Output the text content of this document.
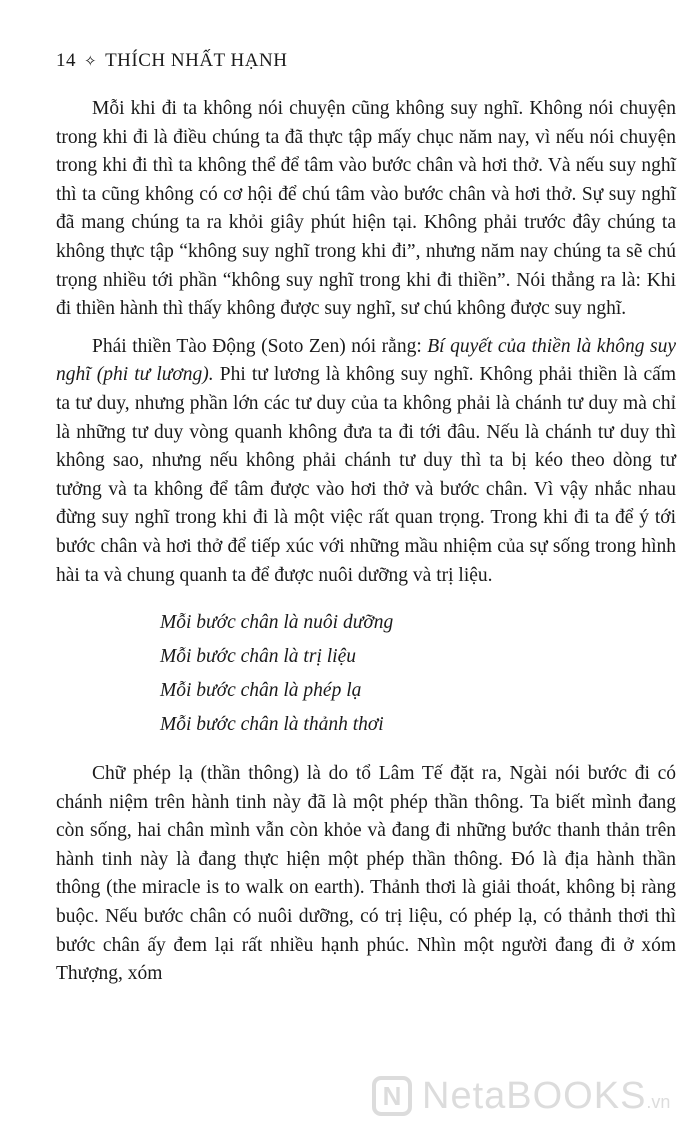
14 ✧ THÍCH NHẤT HẠNH

Mỗi khi đi ta không nói chuyện cũng không suy nghĩ. Không nói chuyện trong khi đi là điều chúng ta đã thực tập mấy chục năm nay, vì nếu nói chuyện trong khi đi thì ta không thể để tâm vào bước chân và hơi thở. Và nếu suy nghĩ thì ta cũng không có cơ hội để chú tâm vào bước chân và hơi thở. Sự suy nghĩ đã mang chúng ta ra khỏi giây phút hiện tại. Không phải trước đây chúng ta không thực tập “không suy nghĩ trong khi đi”, nhưng năm nay chúng ta sẽ chú trọng nhiều tới phần “không suy nghĩ trong khi đi thiền”. Nói thẳng ra là: Khi đi thiền hành thì thấy không được suy nghĩ, sư chú không được suy nghĩ.

Phái thiền Tào Động (Soto Zen) nói rằng: Bí quyết của thiền là không suy nghĩ (phi tư lương). Phi tư lương là không suy nghĩ. Không phải thiền là cấm ta tư duy, nhưng phần lớn các tư duy của ta không phải là chánh tư duy mà chỉ là những tư duy vòng quanh không đưa ta đi tới đâu. Nếu là chánh tư duy thì không sao, nhưng nếu không phải chánh tư duy thì ta bị kéo theo dòng tư tưởng và ta không để tâm được vào hơi thở và bước chân. Vì vậy nhắc nhau đừng suy nghĩ trong khi đi là một việc rất quan trọng. Trong khi đi ta để ý tới bước chân và hơi thở để tiếp xúc với những mầu nhiệm của sự sống trong hình hài ta và chung quanh ta để được nuôi dưỡng và trị liệu.

Mỗi bước chân là nuôi dưỡng
Mỗi bước chân là trị liệu
Mỗi bước chân là phép lạ
Mỗi bước chân là thảnh thơi

Chữ phép lạ (thần thông) là do tổ Lâm Tế đặt ra, Ngài nói bước đi có chánh niệm trên hành tinh này đã là một phép thần thông. Ta biết mình đang còn sống, hai chân mình vẫn còn khỏe và đang đi những bước thanh thản trên hành tinh này là đang thực hiện một phép thần thông. Đó là địa hành thần thông (the miracle is to walk on earth). Thảnh thơi là giải thoát, không bị ràng buộc. Nếu bước chân có nuôi dưỡng, có trị liệu, có phép lạ, có thảnh thơi thì bước chân ấy đem lại rất nhiều hạnh phúc. Nhìn một người đang đi ở xóm Thượng, xóm

N NetaBOOKS.vn
